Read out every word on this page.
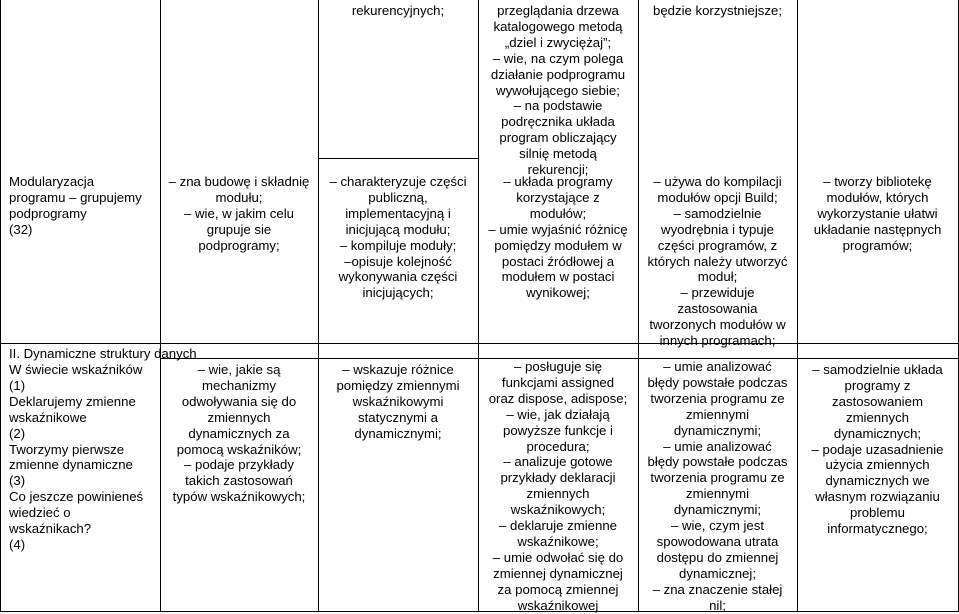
Modularyzacja
programu – grupujemy
podprogramy
(32)

II. Dynamiczne struktury danych

W świecie wskaźników
(1)
Deklarujemy zmienne
wskaźnikowe
(2)
Tworzymy pierwsze
zmienne dynamiczne
(3)
Co jeszcze powinieneś
wiedzieć o
wskaźnikach?
(4)

– zna budowę i składnię
modułu;
– wie, w jakim celu
grupuje sie
podprogramy;

– wie, jakie są
mechanizmy
odwoływania się do
zmiennych
dynamicznych za
pomocą wskaźników;
– podaje przykłady
takich zastosowań
typów wskaźnikowych;

rekurencyjnych;

– charakteryzuje części
publiczną,
implementacyjną i
inicjującą modułu;
– kompiluje moduły;
–opisuje kolejność
wykonywania części
inicjujących;

– wskazuje różnice
pomiędzy zmiennymi
wskaźnikowymi
statycznymi a
dynamicznymi;

przeglądania drzewa
katalogowego metodą
„dziel i zwyciężaj”;
– wie, na czym polega
działanie podprogramu
wywołującego siebie;
– na podstawie
podręcznika układa
program obliczający
silnię metodą
rekurencji;

– układa programy
korzystające z
modułów;
– umie wyjaśnić różnicę
pomiędzy modułem w
postaci źródłowej a
modułem w postaci
wynikowej;

– posługuje się
funkcjami assigned
oraz dispose, adispose;
– wie, jak działają
powyższe funkcje i
procedura;
– analizuje gotowe
przykłady deklaracji
zmiennych
wskaźnikowych;
– deklaruje zmienne
wskaźnikowe;
– umie odwołać się do
zmiennej dynamicznej
za pomocą zmiennej
wskaźnikowej

będzie korzystniejsze;

– używa do kompilacji
modułów opcji Build;
– samodzielnie
wyodrębnia i typuje
części programów, z
których należy utworzyć
moduł;
– przewiduje
zastosowania
tworzonych modułów w
innych programach;

– umie analizować
błędy powstałe podczas
tworzenia programu ze
zmiennymi
dynamicznymi;
– umie analizować
błędy powstałe podczas
tworzenia programu ze
zmiennymi
dynamicznymi;
– wie, czym jest
spowodowana utrata
dostępu do zmiennej
dynamicznej;
– zna znaczenie stałej
nil;

– tworzy bibliotekę
modułów, których
wykorzystanie ułatwi
układanie następnych
programów;

– samodzielnie układa
programy z
zastosowaniem
zmiennych
dynamicznych;
– podaje uzasadnienie
użycia zmiennych
dynamicznych we
własnym rozwiązaniu
problemu
informatycznego;
